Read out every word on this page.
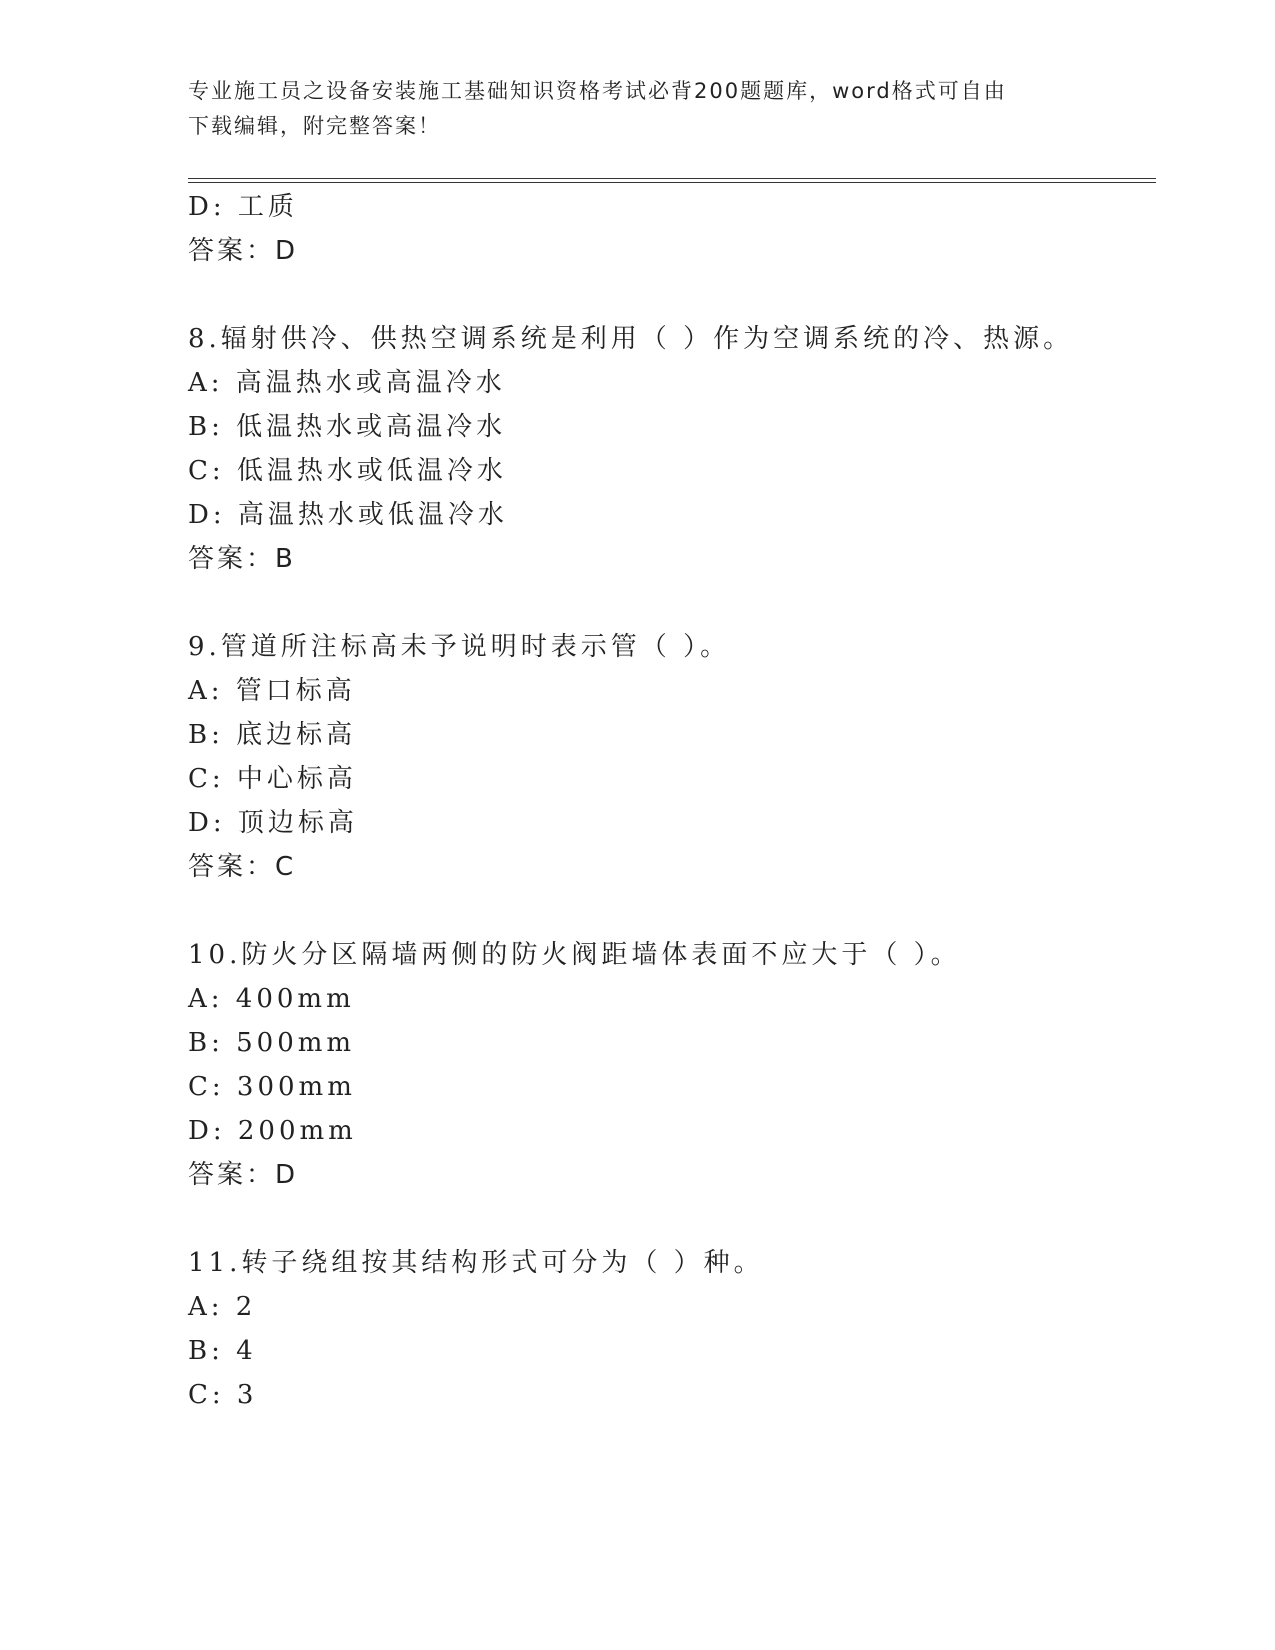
专业施工员之设备安装施工基础知识资格考试必背200题题库，word格式可自由
下载编辑，附完整答案！
D: 工质
答案：D
8.辐射供冷、供热空调系统是利用（ ）作为空调系统的冷、热源。
A: 高温热水或高温冷水
B: 低温热水或高温冷水
C: 低温热水或低温冷水
D: 高温热水或低温冷水
答案：B
9.管道所注标高未予说明时表示管（ ）。
A: 管口标高
B: 底边标高
C: 中心标高
D: 顶边标高
答案：C
10.防火分区隔墙两侧的防火阀距墙体表面不应大于（ ）。
A: 400mm
B: 500mm
C: 300mm
D: 200mm
答案：D
11.转子绕组按其结构形式可分为（ ）种。
A: 2
B: 4
C: 3
